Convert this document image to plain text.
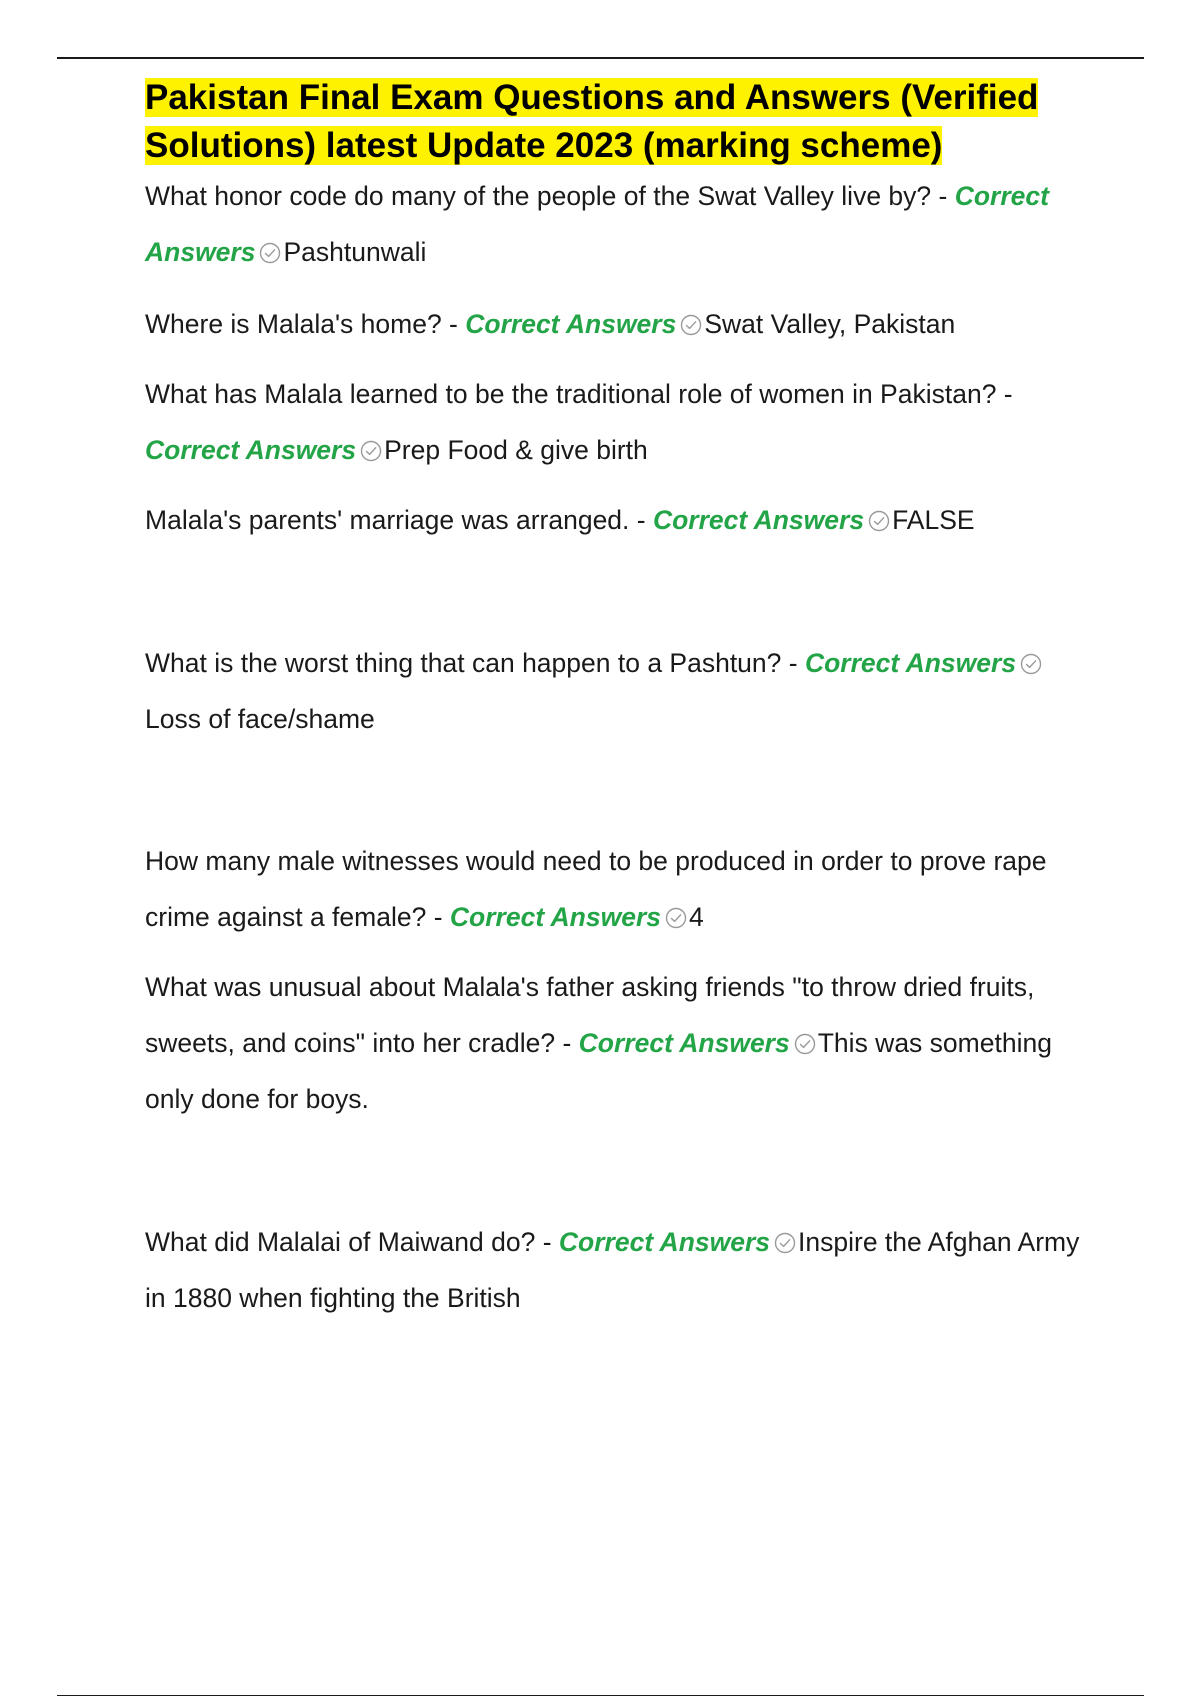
Pakistan Final Exam Questions and Answers (Verified
Solutions) latest Update 2023 (marking scheme)

What honor code do many of the people of the Swat Valley live by? - Correct Answers Pashtunwali

Where is Malala's home? - Correct Answers Swat Valley, Pakistan

What has Malala learned to be the traditional role of women in Pakistan? - Correct Answers Prep Food & give birth

Malala's parents' marriage was arranged. - Correct Answers FALSE

What is the worst thing that can happen to a Pashtun? - Correct AnswersLoss of face/shame

How many male witnesses would need to be produced in order to prove rape crime against a female? - Correct Answers 4

What was unusual about Malala's father asking friends "to throw dried fruits, sweets, and coins" into her cradle? - Correct Answers This was something only done for boys.

What did Malalai of Maiwand do? - Correct Answers Inspire the Afghan Army in 1880 when fighting the British
